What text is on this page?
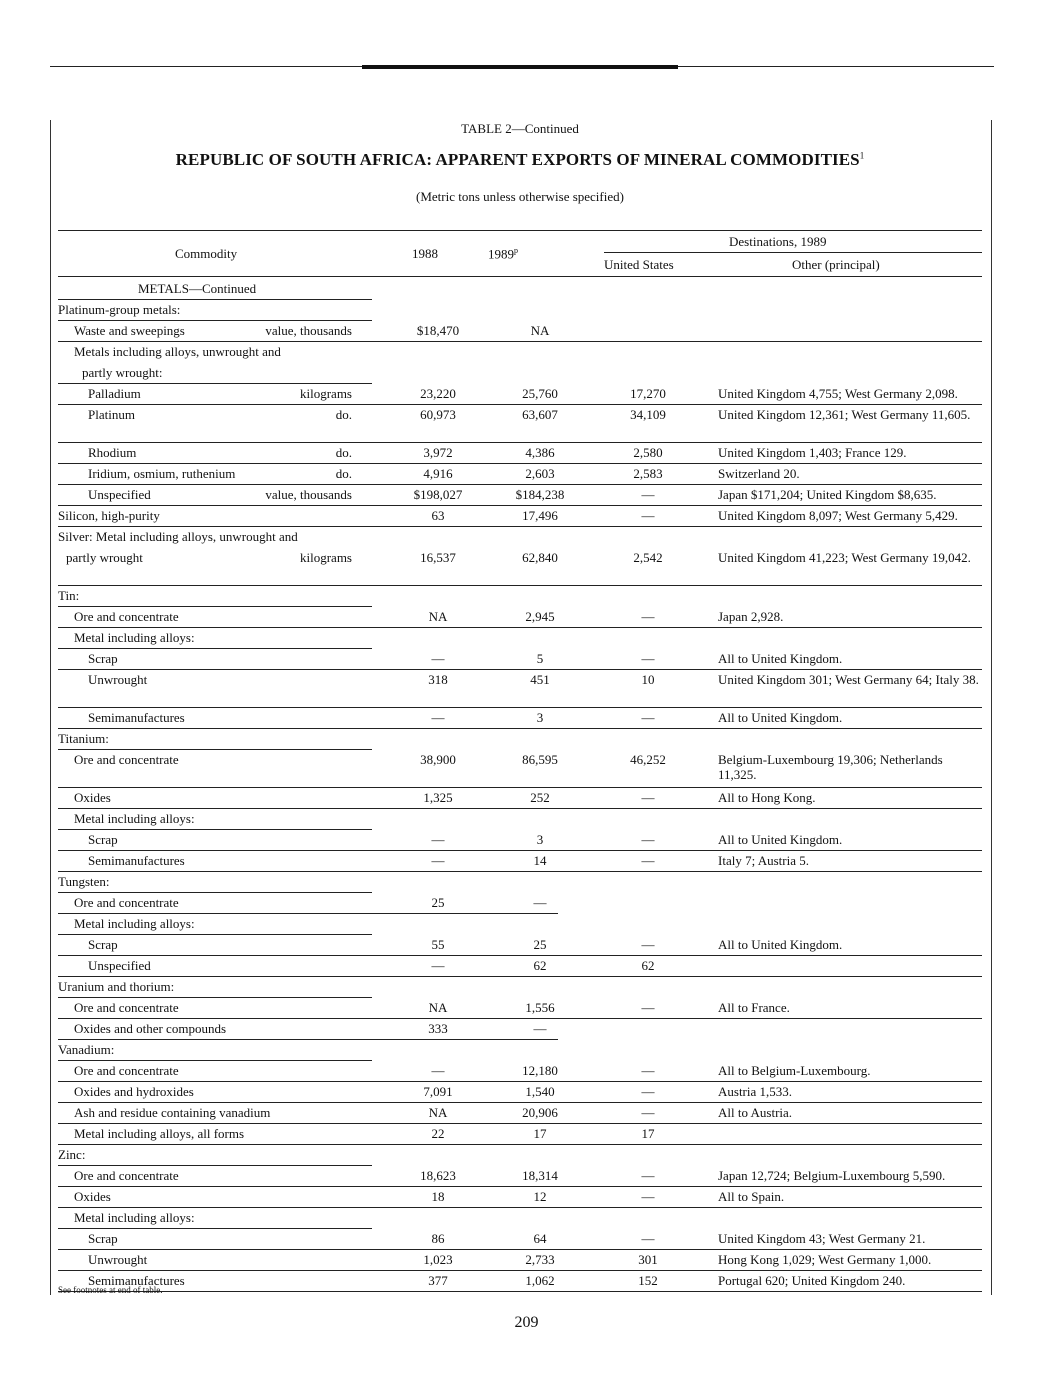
TABLE 2—Continued
REPUBLIC OF SOUTH AFRICA: APPARENT EXPORTS OF MINERAL COMMODITIES$^1$
(Metric tons unless otherwise specified)
Commodity	1988	1989$^p$
Destinations, 1989
United States	Other (principal)
METALS—Continued
Platinum-group metals:
Waste and sweepings	value, thousands	$18,470	NA
Metals including alloys, unwrought and
partly wrought:
Palladium	kilograms	23,220	25,760	17,270	United Kingdom 4,755; West Germany 2,098.
Platinum	do.	60,973	63,607	34,109	United Kingdom 12,361; West Germany 11,605.
Rhodium	do.	3,972	4,386	2,580	United Kingdom 1,403; France 129.
Iridium, osmium, ruthenium	do.	4,916	2,603	2,583	Switzerland 20.
Unspecified	value, thousands	$198,027	$184,238	—	Japan $171,204; United Kingdom $8,635.
Silicon, high-purity	63	17,496	—	United Kingdom 8,097; West Germany 5,429.
Silver: Metal including alloys, unwrought and
partly wrought	kilograms	16,537	62,840	2,542	United Kingdom 41,223; West Germany 19,042.
Tin:
Ore and concentrate	NA	2,945	—	Japan 2,928.
Metal including alloys:
Scrap	—	5	—	All to United Kingdom.
Unwrought	318	451	10	United Kingdom 301; West Germany 64; Italy 38.
Semimanufactures	—	3	—	All to United Kingdom.
Titanium:
Ore and concentrate	38,900	86,595	46,252	Belgium-Luxembourg 19,306; Netherlands 11,325.
Oxides	1,325	252	—	All to Hong Kong.
Metal including alloys:
Scrap	—	3	—	All to United Kingdom.
Semimanufactures	—	14	—	Italy 7; Austria 5.
Tungsten:
Ore and concentrate	25	—
Metal including alloys:
Scrap	55	25	—	All to United Kingdom.
Unspecified	—	62	62
Uranium and thorium:
Ore and concentrate	NA	1,556	—	All to France.
Oxides and other compounds	333	—
Vanadium:
Ore and concentrate	—	12,180	—	All to Belgium-Luxembourg.
Oxides and hydroxides	7,091	1,540	—	Austria 1,533.
Ash and residue containing vanadium	NA	20,906	—	All to Austria.
Metal including alloys, all forms	22	17	17
Zinc:
Ore and concentrate	18,623	18,314	—	Japan 12,724; Belgium-Luxembourg 5,590.
Oxides	18	12	—	All to Spain.
Metal including alloys:
Scrap	86	64	—	United Kingdom 43; West Germany 21.
Unwrought	1,023	2,733	301	Hong Kong 1,029; West Germany 1,000.
Semimanufactures	377	1,062	152	Portugal 620; United Kingdom 240.
See footnotes at end of table.
209
